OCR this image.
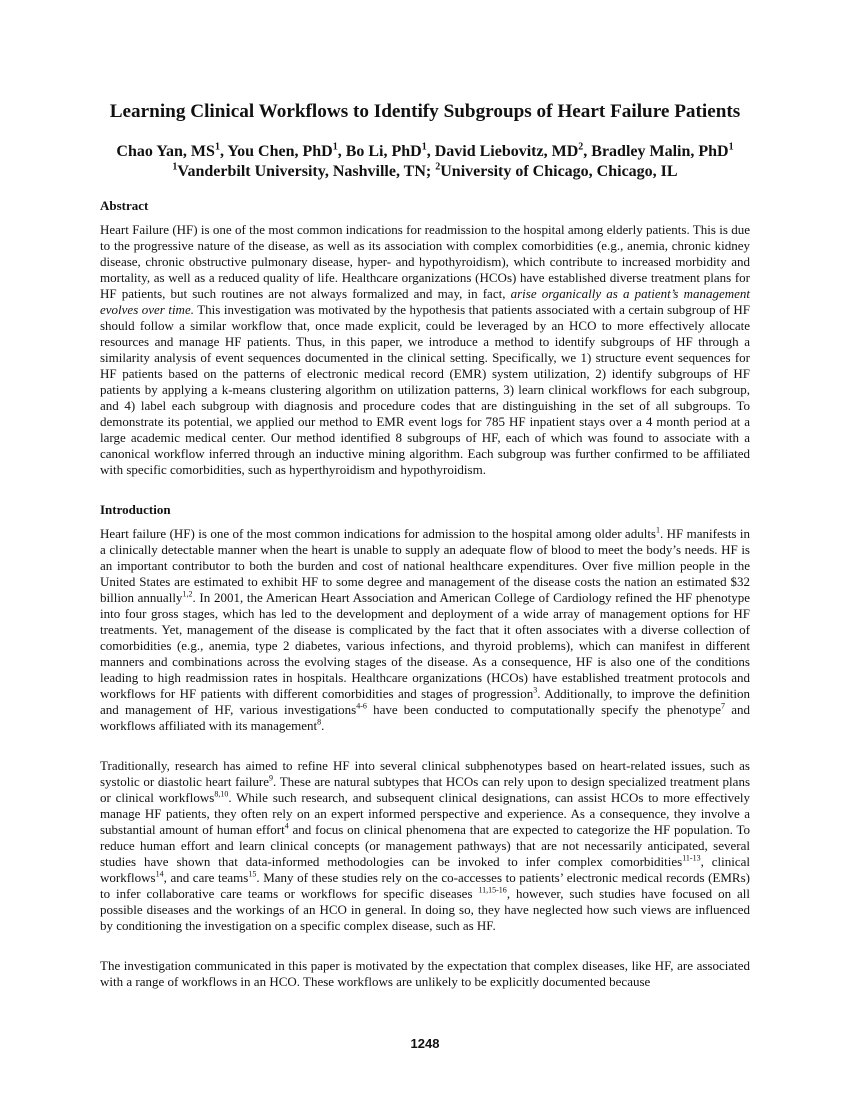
Learning Clinical Workflows to Identify Subgroups of Heart Failure Patients
Chao Yan, $MS^1$, You Chen, PhD$^1$, Bo Li, PhD$^1$, David Liebovitz, $MD^2$, Bradley Malin, PhD$^1$
$^1$Vanderbilt University, Nashville, TN; $^2$University of Chicago, Chicago, IL
Abstract

Heart Failure (HF) is one of the most common indications for readmission to the hospital among elderly patients. This is due to the progressive nature of the disease, as well as its association with complex comorbidities (e.g., anemia, chronic kidney disease, chronic obstructive pulmonary disease, hyper- and hypothyroidism), which contribute to increased morbidity and mortality, as well as a reduced quality of life. Healthcare organizations (HCOs) have established diverse treatment plans for HF patients, but such routines are not always formalized and may, in fact, arise organically as a patient’s management evolves over time. This investigation was motivated by the hypothesis that patients associated with a certain subgroup of HF should follow a similar workflow that, once made explicit, could be leveraged by an HCO to more effectively allocate resources and manage HF patients. Thus, in this paper, we introduce a method to identify subgroups of HF through a similarity analysis of event sequences documented in the clinical setting. Specifically, we 1) structure event sequences for HF patients based on the patterns of electronic medical record (EMR) system utilization, 2) identify subgroups of HF patients by applying a k-means clustering algorithm on utilization patterns, 3) learn clinical workflows for each subgroup, and 4) label each subgroup with diagnosis and procedure codes that are distinguishing in the set of all subgroups. To demonstrate its potential, we applied our method to EMR event logs for 785 HF inpatient stays over a 4 month period at a large academic medical center. Our method identified 8 subgroups of HF, each of which was found to associate with a canonical workflow inferred through an inductive mining algorithm. Each subgroup was further confirmed to be affiliated with specific comorbidities, such as hyperthyroidism and hypothyroidism.

Introduction

Heart failure (HF) is one of the most common indications for admission to the hospital among older adults$^1$. HF manifests in a clinically detectable manner when the heart is unable to supply an adequate flow of blood to meet the body’s needs. HF is an important contributor to both the burden and cost of national healthcare expenditures. Over five million people in the United States are estimated to exhibit HF to some degree and management of the disease costs the nation an estimated $32 billion annually$^{1,2}$. In 2001, the American Heart Association and American College of Cardiology refined the HF phenotype into four gross stages, which has led to the development and deployment of a wide array of management options for HF treatments. Yet, management of the disease is complicated by the fact that it often associates with a diverse collection of comorbidities (e.g., anemia, type 2 diabetes, various infections, and thyroid problems), which can manifest in different manners and combinations across the evolving stages of the disease. As a consequence, HF is also one of the conditions leading to high readmission rates in hospitals. Healthcare organizations (HCOs) have established treatment protocols and workflows for HF patients with different comorbidities and stages of progression$^3$. Additionally, to improve the definition and management of HF, various investigations$^{4-6}$ have been conducted to computationally specify the phenotype$^7$ and workflows affiliated with its management$^8$.

Traditionally, research has aimed to refine HF into several clinical subphenotypes based on heart-related issues, such as systolic or diastolic heart failure$^9$. These are natural subtypes that HCOs can rely upon to design specialized treatment plans or clinical workflows$^{8,10}$. While such research, and subsequent clinical designations, can assist HCOs to more effectively manage HF patients, they often rely on an expert informed perspective and experience. As a consequence, they involve a substantial amount of human effort$^4$ and focus on clinical phenomena that are expected to categorize the HF population. To reduce human effort and learn clinical concepts (or management pathways) that are not necessarily anticipated, several studies have shown that data-informed methodologies can be invoked to infer complex comorbidities$^{11-13}$, clinical workflows$^{14}$, and care teams$^{15}$. Many of these studies rely on the co-accesses to patients’ electronic medical records (EMRs) to infer collaborative care teams or workflows for specific diseases $^{11,15-16}$, however, such studies have focused on all possible diseases and the workings of an HCO in general. In doing so, they have neglected how such views are influenced by conditioning the investigation on a specific complex disease, such as HF.

The investigation communicated in this paper is motivated by the expectation that complex diseases, like HF, are associated with a range of workflows in an HCO. These workflows are unlikely to be explicitly documented because

1248
